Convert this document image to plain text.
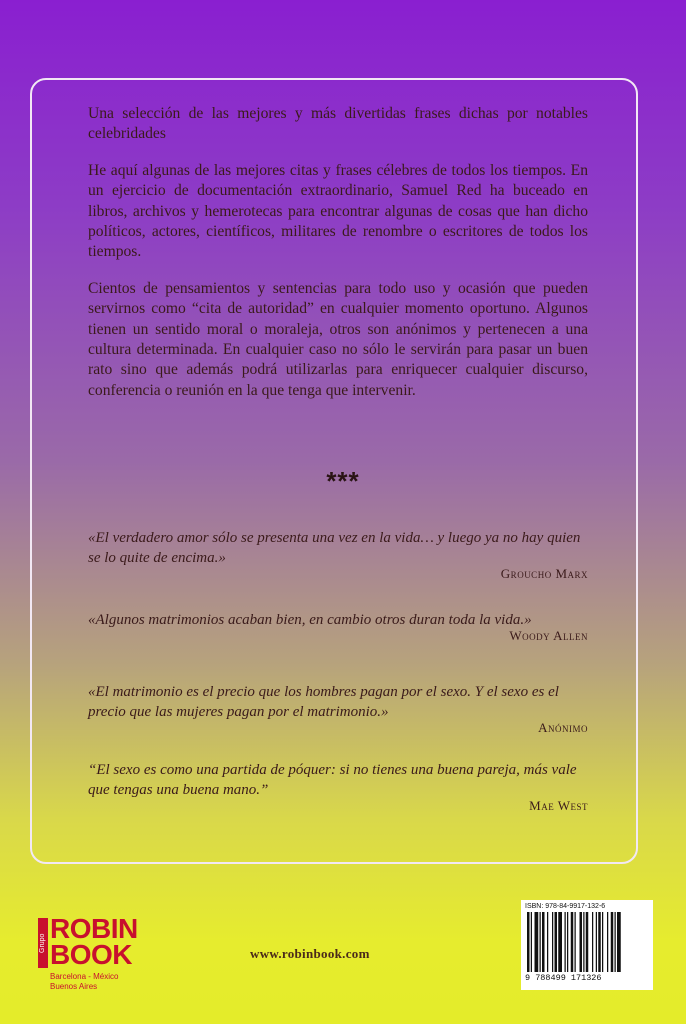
Una selección de las mejores y más divertidas frases dichas por notables celebridades

He aquí algunas de las mejores citas y frases célebres de todos los tiempos. En un ejercicio de documentación extraordinario, Samuel Red ha buceado en libros, archivos y hemerotecas para encontrar algunas de cosas que han dicho políticos, actores, científicos, militares de renombre o escritores de todos los tiempos.

Cientos de pensamientos y sentencias para todo uso y ocasión que pueden servirnos como “cita de autoridad” en cualquier momento oportuno. Algunos tienen un sentido moral o moraleja, otros son anónimos y pertenecen a una cultura determinada. En cualquier caso no sólo le servirán para pasar un buen rato sino que además podrá utilizarlas para enriquecer cualquier discurso, conferencia o reunión en la que tenga que intervenir.

***
«El verdadero amor sólo se presenta una vez en la vida… y luego ya no hay quien se lo quite de encima.»
Groucho Marx
«Algunos matrimonios acaban bien, en cambio otros duran toda la vida.»
Woody Allen
«El matrimonio es el precio que los hombres pagan por el sexo. Y el sexo es el precio que las mujeres pagan por el matrimonio.»
Anónimo
“El sexo es como una partida de póquer: si no tienes una buena pareja, más vale que tengas una buena mano.”
Mae West
Grupo ROBIN
BOOK
Barcelona - México
Buenos Aires
www.robinbook.com
ISBN: 978-84-9917-132-6
9 788499 171326
